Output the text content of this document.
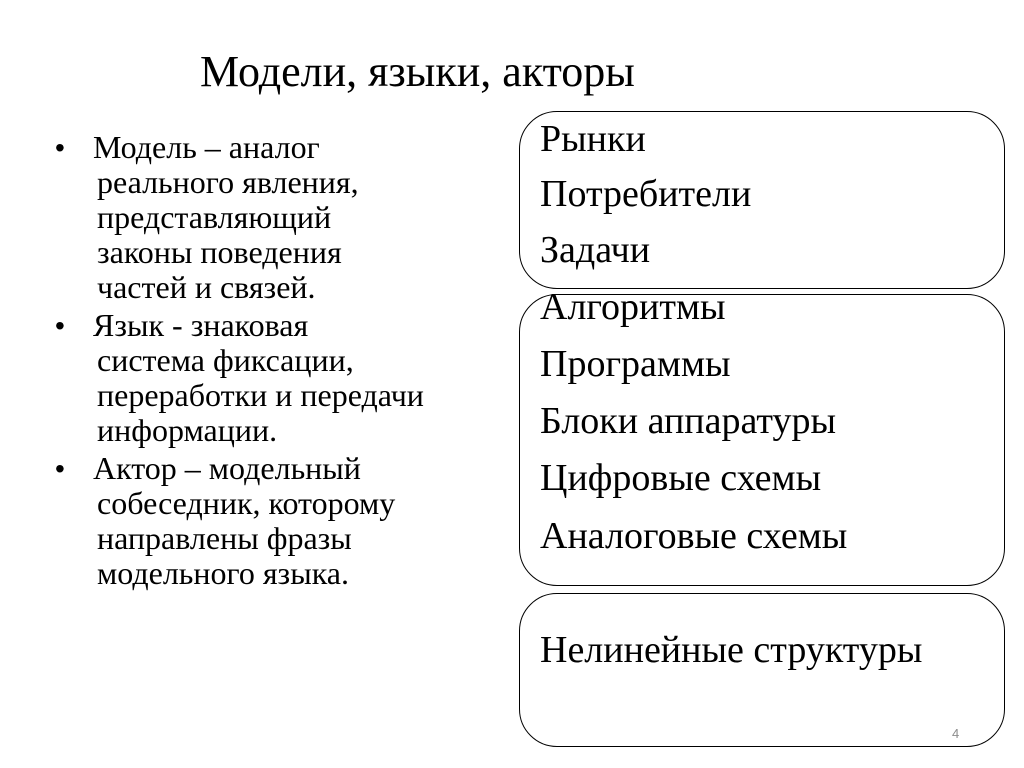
Модели, языки, акторы
• Модель – аналог
реального явления,
представляющий
законы поведения
частей и связей.
• Язык - знаковая
система фиксации,
переработки и передачи
информации.
• Актор – модельный
собеседник, которому
направлены фразы
модельного языка.
Рынки
Потребители
Задачи
Алгоритмы
Программы
Блоки аппаратуры
Цифровые схемы
Аналоговые схемы
Нелинейные структуры
4
